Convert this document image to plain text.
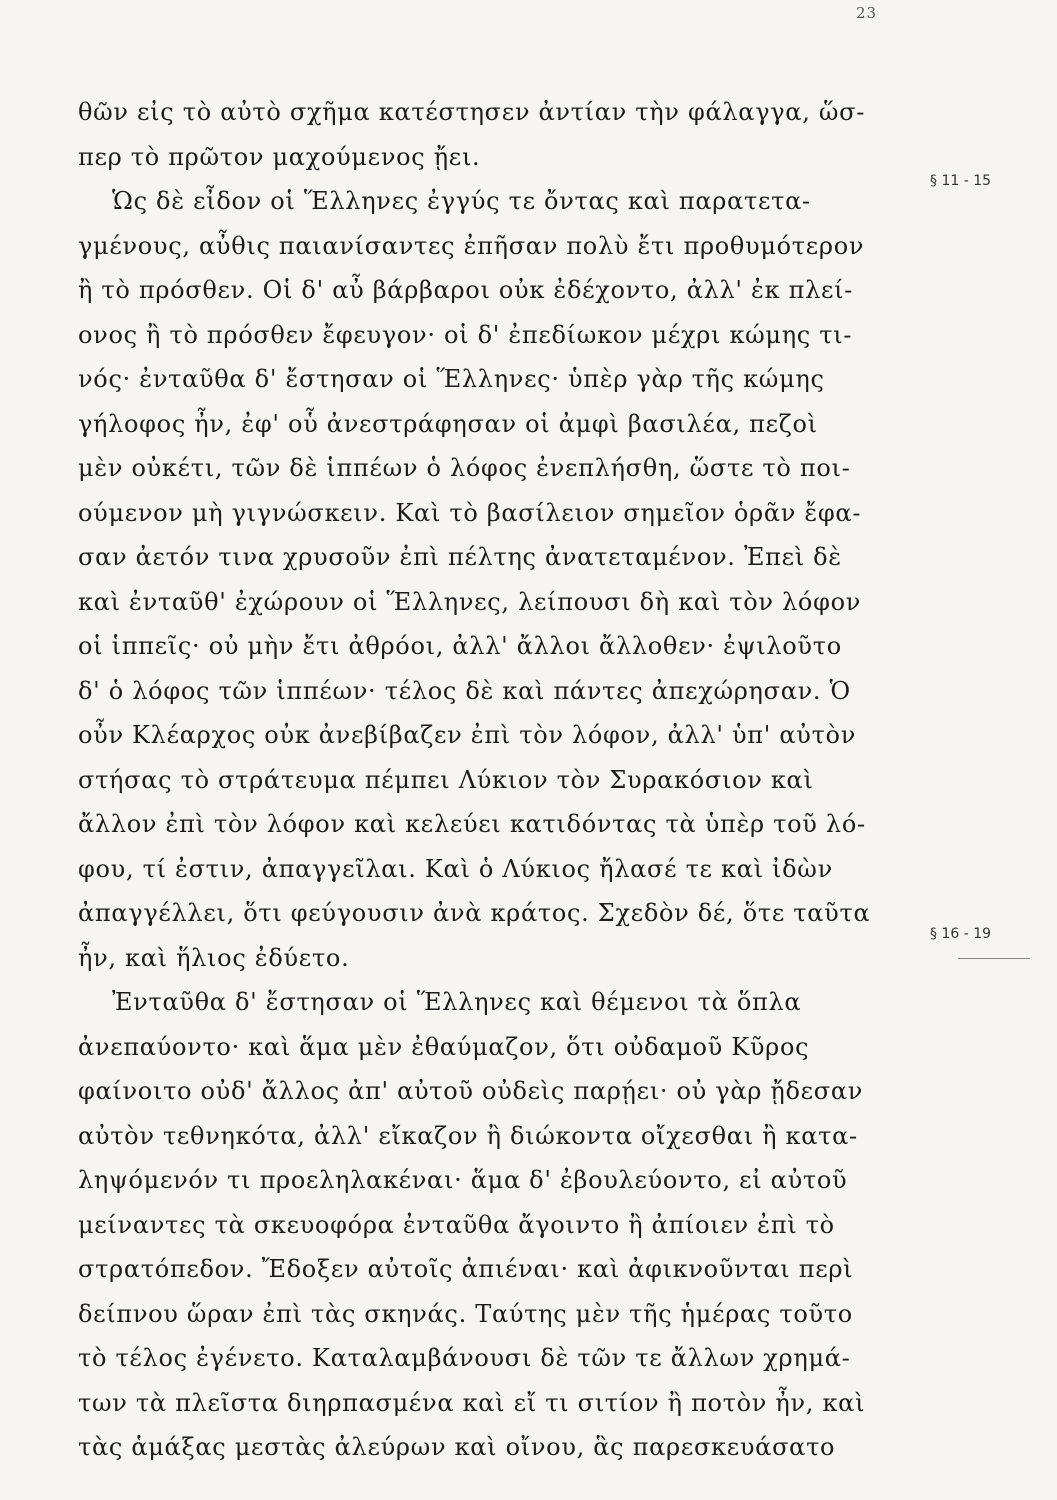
23
θῶν εἰς τὸ αὐτὸ σχῆμα κατέστησεν ἀντίαν τὴν φάλαγγα, ὥσ-
περ τὸ πρῶτον μαχούμενος ᾔει.
Ὡς δὲ εἶδον οἱ Ἕλληνες ἐγγύς τε ὄντας καὶ παρατετα-
γμένους, αὖθις παιανίσαντες ἐπῆσαν πολὺ ἔτι προθυμότερον
ἢ τὸ πρόσθεν. Οἱ δ' αὖ βάρβαροι οὐκ ἐδέχοντο, ἀλλ' ἐκ πλεί-
ονος ἢ τὸ πρόσθεν ἔφευγον· οἱ δ' ἐπεδίωκον μέχρι κώμης τι-
νός· ἐνταῦθα δ' ἔστησαν οἱ Ἕλληνες· ὑπὲρ γὰρ τῆς κώμης
γήλοφος ἦν, ἐφ' οὗ ἀνεστράφησαν οἱ ἀμφὶ βασιλέα, πεζοὶ
μὲν οὐκέτι, τῶν δὲ ἱππέων ὁ λόφος ἐνεπλήσθη, ὥστε τὸ ποι-
ούμενον μὴ γιγνώσκειν. Καὶ τὸ βασίλειον σημεῖον ὁρᾶν ἔφα-
σαν ἀετόν τινα χρυσοῦν ἐπὶ πέλτης ἀνατεταμένον. Ἐπεὶ δὲ
καὶ ἐνταῦθ' ἐχώρουν οἱ Ἕλληνες, λείπουσι δὴ καὶ τὸν λόφον
οἱ ἱππεῖς· οὐ μὴν ἔτι ἀθρόοι, ἀλλ' ἄλλοι ἄλλοθεν· ἐψιλοῦτο
δ' ὁ λόφος τῶν ἱππέων· τέλος δὲ καὶ πάντες ἀπεχώρησαν. Ὁ
οὖν Κλέαρχος οὐκ ἀνεβίβαζεν ἐπὶ τὸν λόφον, ἀλλ' ὑπ' αὐτὸν
στήσας τὸ στράτευμα πέμπει Λύκιον τὸν Συρακόσιον καὶ
ἄλλον ἐπὶ τὸν λόφον καὶ κελεύει κατιδόντας τὰ ὑπὲρ τοῦ λό-
φου, τί ἐστιν, ἀπαγγεῖλαι. Καὶ ὁ Λύκιος ἤλασέ τε καὶ ἰδὼν
ἀπαγγέλλει, ὅτι φεύγουσιν ἀνὰ κράτος. Σχεδὸν δέ, ὅτε ταῦτα
ἦν, καὶ ἥλιος ἐδύετο.
Ἐνταῦθα δ' ἔστησαν οἱ Ἕλληνες καὶ θέμενοι τὰ ὅπλα
ἀνεπαύοντο· καὶ ἅμα μὲν ἐθαύμαζον, ὅτι οὐδαμοῦ Κῦρος
φαίνοιτο οὐδ' ἄλλος ἀπ' αὐτοῦ οὐδεὶς παρῄει· οὐ γὰρ ᾔδεσαν
αὐτὸν τεθνηκότα, ἀλλ' εἴκαζον ἢ διώκοντα οἴχεσθαι ἢ κατα-
ληψόμενόν τι προεληλακέναι· ἅμα δ' ἐβουλεύοντο, εἰ αὐτοῦ
μείναντες τὰ σκευοφόρα ἐνταῦθα ἄγοιντο ἢ ἀπίοιεν ἐπὶ τὸ
στρατόπεδον. Ἔδοξεν αὐτοῖς ἀπιέναι· καὶ ἀφικνοῦνται περὶ
δείπνου ὥραν ἐπὶ τὰς σκηνάς. Ταύτης μὲν τῆς ἡμέρας τοῦτο
τὸ τέλος ἐγένετο. Καταλαμβάνουσι δὲ τῶν τε ἄλλων χρημά-
των τὰ πλεῖστα διηρπασμένα καὶ εἴ τι σιτίον ἢ ποτὸν ἦν, καὶ
τὰς ἁμάξας μεστὰς ἀλεύρων καὶ οἴνου, ἃς παρεσκευάσατο
§ 11 - 15
§ 16 - 19
